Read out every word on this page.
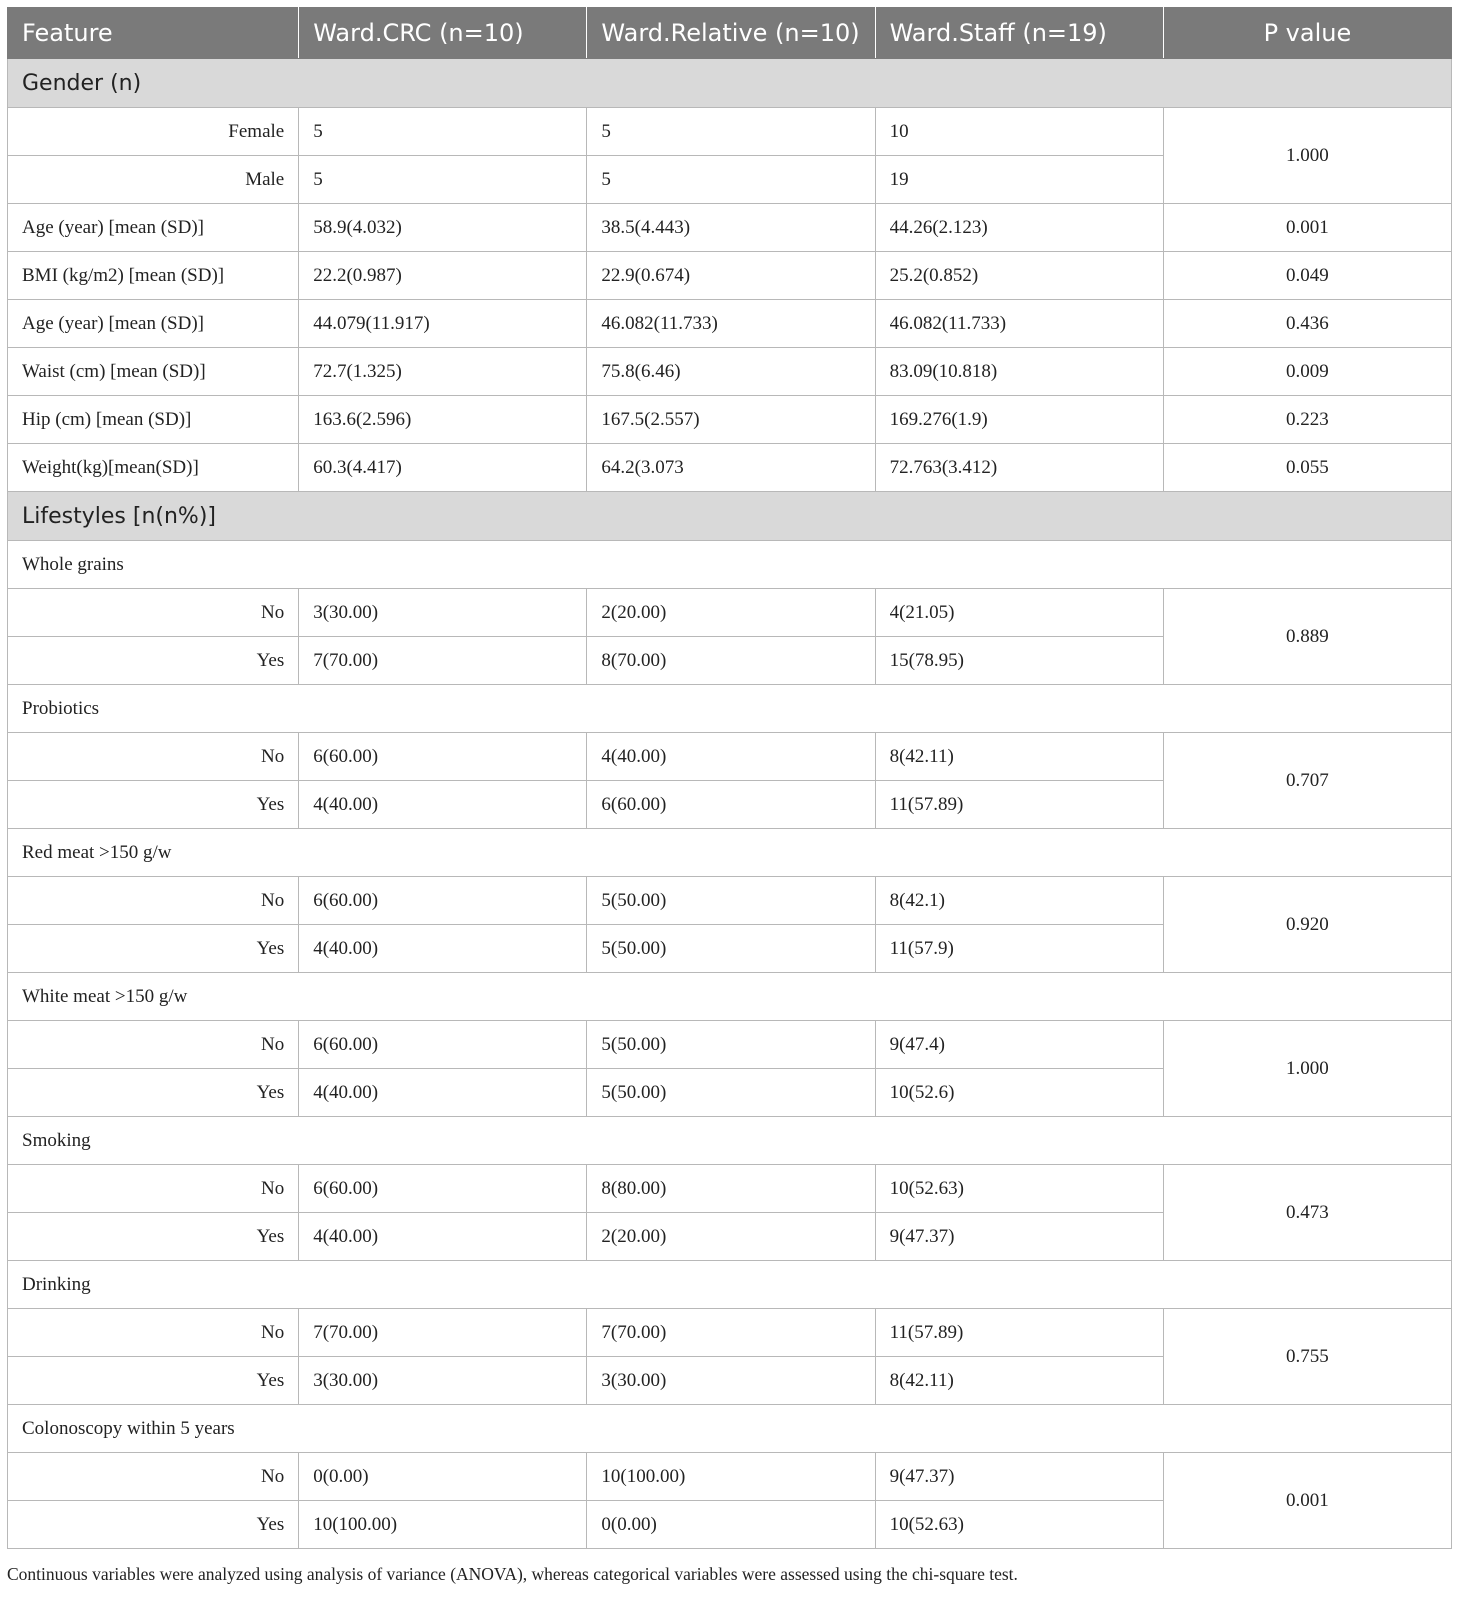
Feature	Ward.CRC (n=10)	Ward.Relative (n=10)	Ward.Staff (n=19)	P value
Gender (n)				
Female	5	5	10	1.000
Male	5	5	19	
Age (year) [mean (SD)]	58.9(4.032)	38.5(4.443)	44.26(2.123)	0.001
BMI (kg/m2) [mean (SD)]	22.2(0.987)	22.9(0.674)	25.2(0.852)	0.049
Age (year) [mean (SD)]	44.079(11.917)	46.082(11.733)	46.082(11.733)	0.436
Waist (cm) [mean (SD)]	72.7(1.325)	75.8(6.46)	83.09(10.818)	0.009
Hip (cm) [mean (SD)]	163.6(2.596)	167.5(2.557)	169.276(1.9)	0.223
Weight(kg)[mean(SD)]	60.3(4.417)	64.2(3.073	72.763(3.412)	0.055
Lifestyles [n(n%)]				
Whole grains				
No	3(30.00)	2(20.00)	4(21.05)	0.889
Yes	7(70.00)	8(70.00)	15(78.95)	
Probiotics				
No	6(60.00)	4(40.00)	8(42.11)	0.707
Yes	4(40.00)	6(60.00)	11(57.89)	
Red meat >150 g/w				
No	6(60.00)	5(50.00)	8(42.1)	0.920
Yes	4(40.00)	5(50.00)	11(57.9)	
White meat >150 g/w				
No	6(60.00)	5(50.00)	9(47.4)	1.000
Yes	4(40.00)	5(50.00)	10(52.6)	
Smoking				
No	6(60.00)	8(80.00)	10(52.63)	0.473
Yes	4(40.00)	2(20.00)	9(47.37)	
Drinking				
No	7(70.00)	7(70.00)	11(57.89)	0.755
Yes	3(30.00)	3(30.00)	8(42.11)	
Colonoscopy within 5 years				
No	0(0.00)	10(100.00)	9(47.37)	0.001
Yes	10(100.00)	0(0.00)	10(52.63)	
Continuous variables were analyzed using analysis of variance (ANOVA), whereas categorical variables were assessed using the chi-square test.
